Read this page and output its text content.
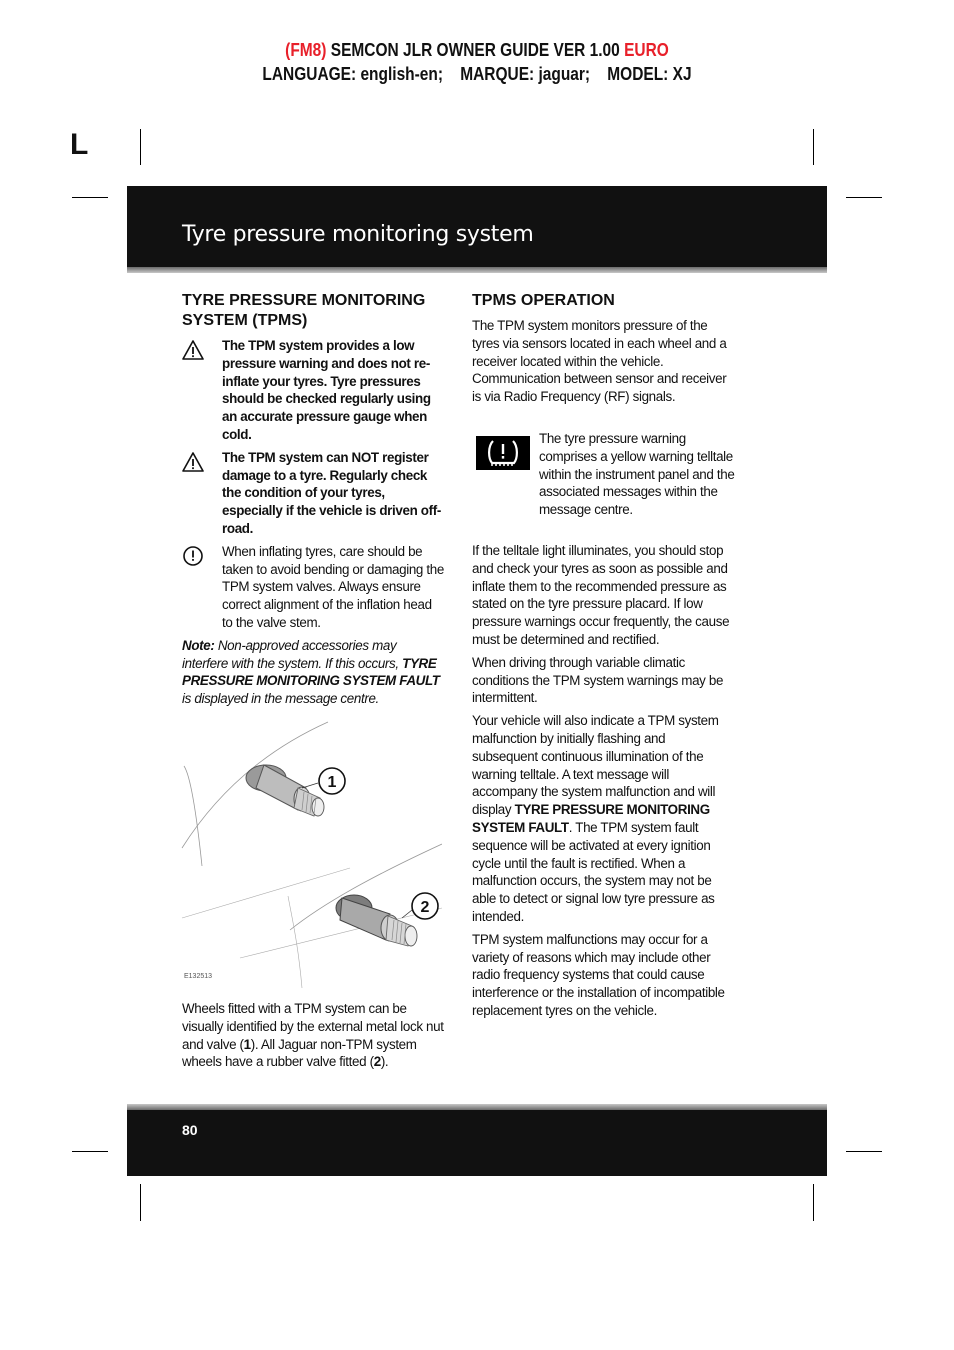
(FM8) SEMCON JLR OWNER GUIDE VER 1.00 EURO
LANGUAGE: english-en; MARQUE: jaguar; MODEL: XJ
L
Tyre pressure monitoring system
TYRE PRESSURE MONITORING SYSTEM (TPMS)
The TPM system provides a low pressure warning and does not re-inflate your tyres. Tyre pressures should be checked regularly using an accurate pressure gauge when cold.
The TPM system can NOT register damage to a tyre. Regularly check the condition of your tyres, especially if the vehicle is driven off-road.
When inflating tyres, care should be taken to avoid bending or damaging the TPM system valves. Always ensure correct alignment of the inflation head to the valve stem.

Note: Non-approved accessories may interfere with the system. If this occurs, TYRE PRESSURE MONITORING SYSTEM FAULT is displayed in the message centre.

1
2
E132513

Wheels fitted with a TPM system can be visually identified by the external metal lock nut and valve (1). All Jaguar non-TPM system wheels have a rubber valve fitted (2).

TPMS OPERATION

The TPM system monitors pressure of the tyres via sensors located in each wheel and a receiver located within the vehicle. Communication between sensor and receiver is via Radio Frequency (RF) signals.

The tyre pressure warning comprises a yellow warning telltale within the instrument panel and the associated messages within the message centre.

If the telltale light illuminates, you should stop and check your tyres as soon as possible and inflate them to the recommended pressure as stated on the tyre pressure placard. If low pressure warnings occur frequently, the cause must be determined and rectified.

When driving through variable climatic conditions the TPM system warnings may be intermittent.

Your vehicle will also indicate a TPM system malfunction by initially flashing and subsequent continuous illumination of the warning telltale. A text message will accompany the system malfunction and will display TYRE PRESSURE MONITORING SYSTEM FAULT. The TPM system fault sequence will be activated at every ignition cycle until the fault is rectified. When a malfunction occurs, the system may not be able to detect or signal low tyre pressure as intended.

TPM system malfunctions may occur for a variety of reasons which may include other radio frequency systems that could cause interference or the installation of incompatible replacement tyres on the vehicle.

80
